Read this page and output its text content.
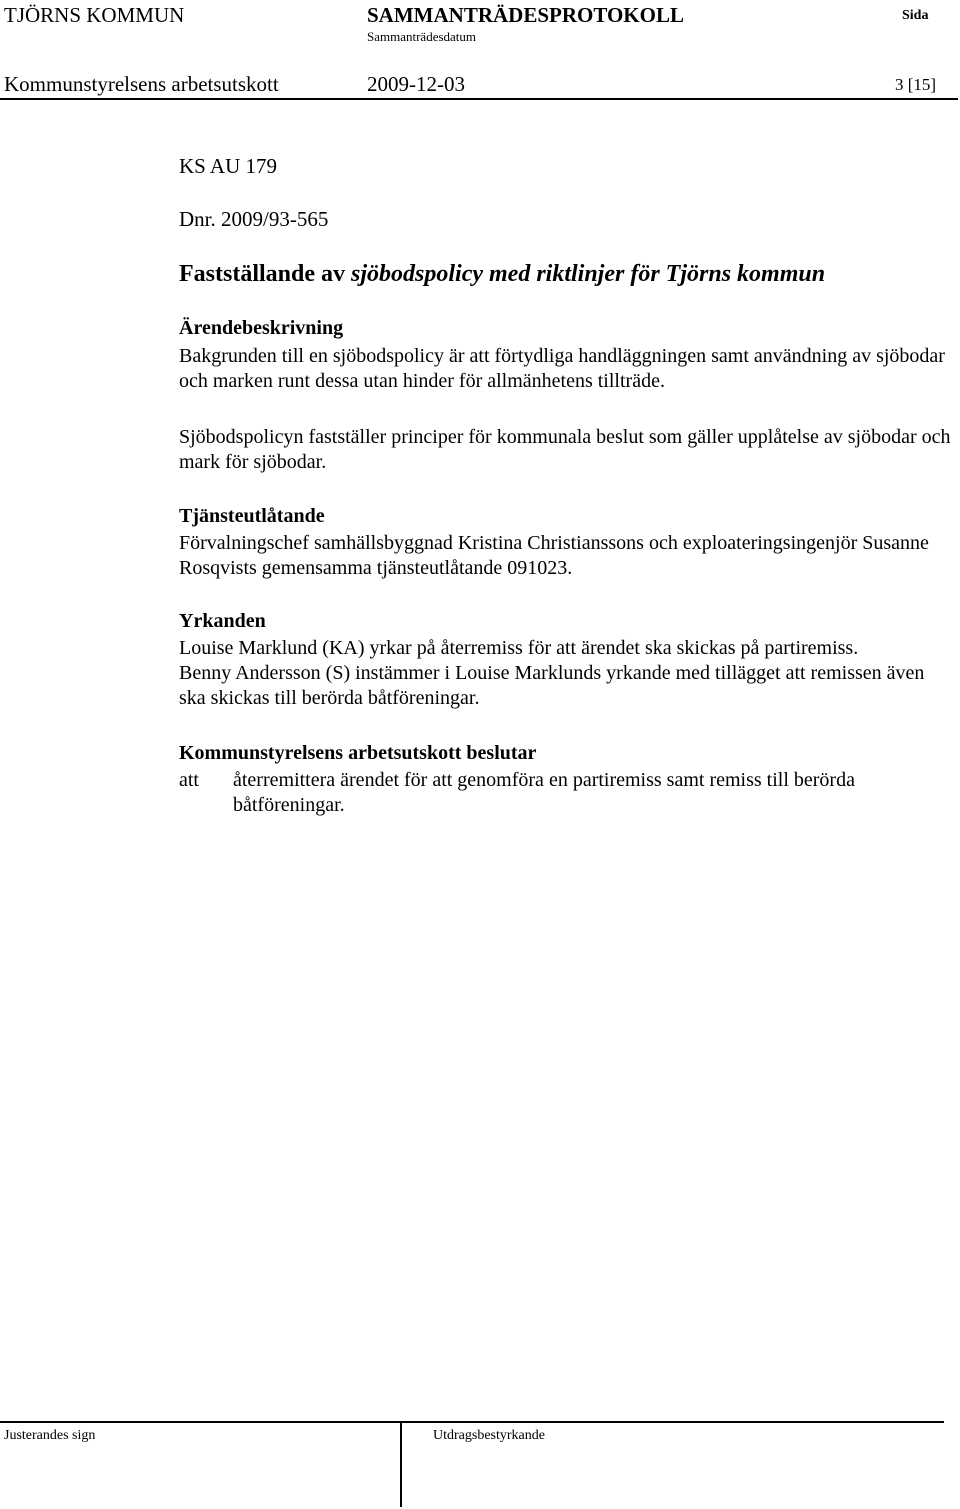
TJÖRNS KOMMUN	SAMMANTRÄDESPROTOKOLL	Sida
Sammanträdesdatum
Kommunstyrelsens arbetsutskott	2009-12-03	3 [15]
KS AU 179
Dnr. 2009/93-565
Fastställande av sjöbodspolicy med riktlinjer för Tjörns kommun
Ärendebeskrivning
Bakgrunden till en sjöbodspolicy är att förtydliga handläggningen samt användning av sjöbodar och marken runt dessa utan hinder för allmänhetens tillträde.
Sjöbodspolicyn fastställer principer för kommunala beslut som gäller upplåtelse av sjöbodar och mark för sjöbodar.
Tjänsteutlåtande
Förvalningschef samhällsbyggnad Kristina Christianssons och exploateringsingenjör Susanne Rosqvists gemensamma tjänsteutlåtande 091023.
Yrkanden
Louise Marklund (KA) yrkar på återremiss för att ärendet ska skickas på partiremiss.
Benny Andersson (S) instämmer i Louise Marklunds yrkande med tillägget att remissen även ska skickas till berörda båtföreningar.
Kommunstyrelsens arbetsutskott beslutar
att återremittera ärendet för att genomföra en partiremiss samt remiss till berörda båtföreningar.
Justerandes sign	Utdragsbestyrkande
